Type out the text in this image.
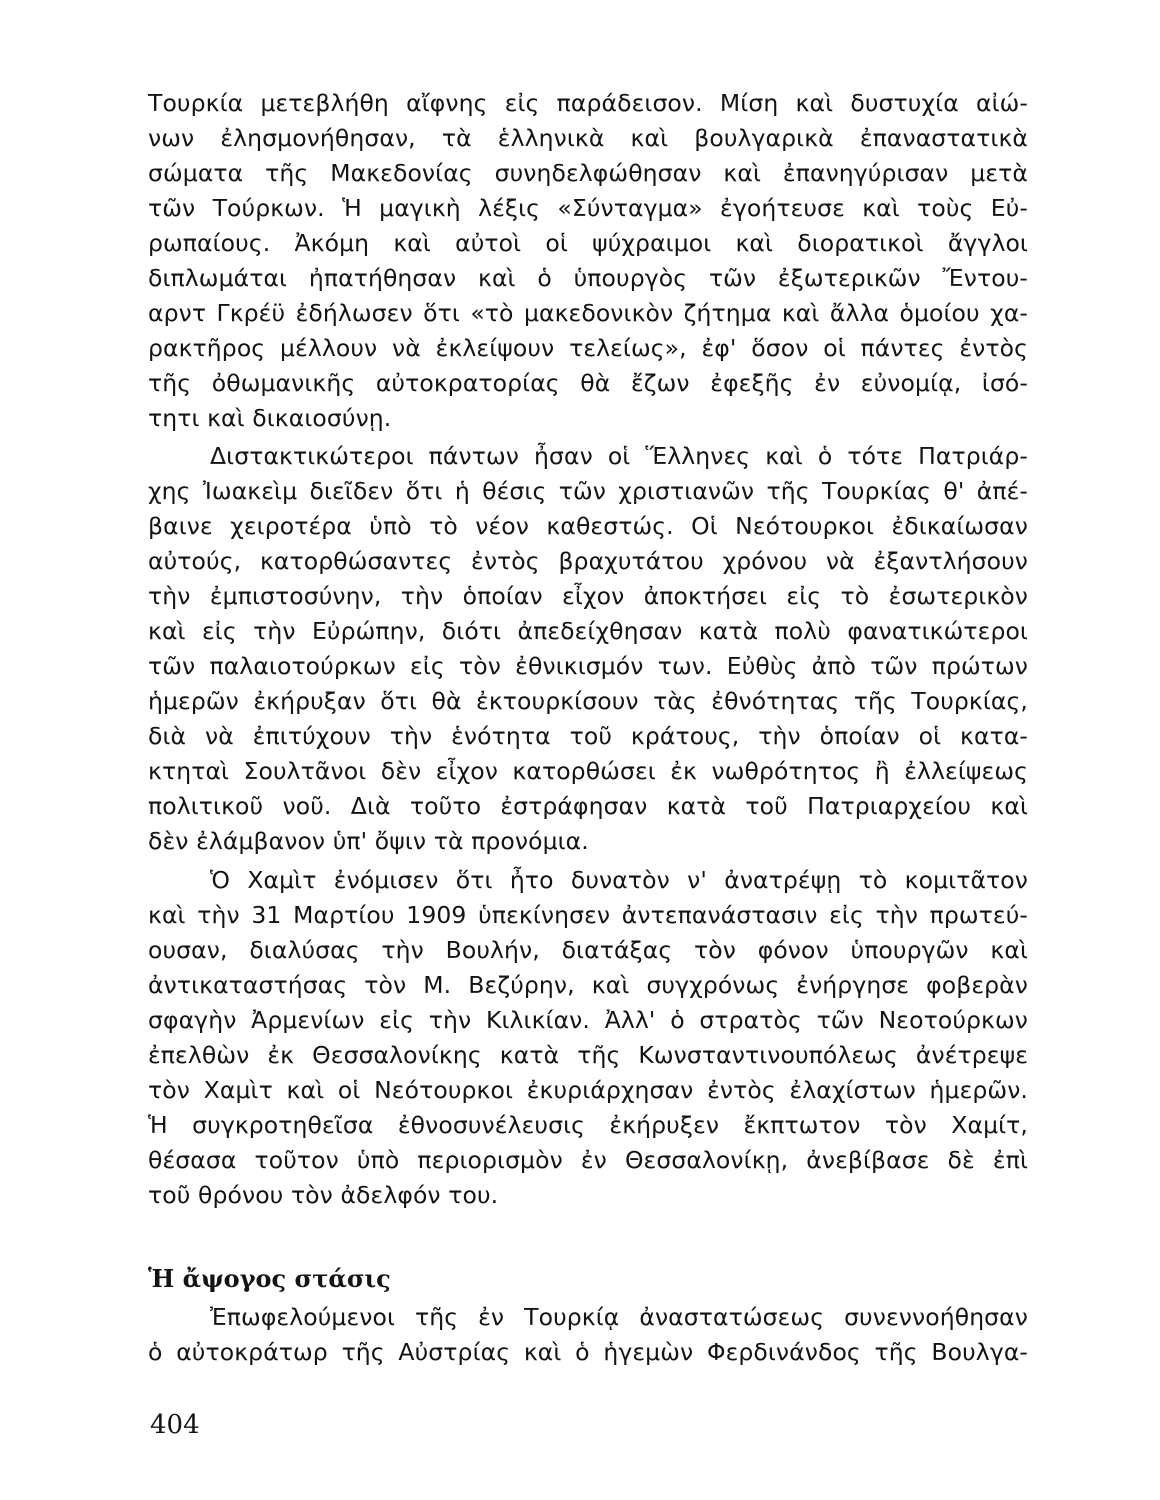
Τουρκία μετεβλήθη αἴφνης εἰς παράδεισον. Μίση καὶ δυστυχία αἰώ-
νων ἐλησμονήθησαν, τὰ ἑλληνικὰ καὶ βουλγαρικὰ ἐπαναστατικὰ
σώματα τῆς Μακεδονίας συνηδελφώθησαν καὶ ἐπανηγύρισαν μετὰ
τῶν Τούρκων. Ἡ μαγικὴ λέξις «Σύνταγμα» ἐγοήτευσε καὶ τοὺς Εὐ-
ρωπαίους. Ἀκόμη καὶ αὐτοὶ οἱ ψύχραιμοι καὶ διορατικοὶ ἄγγλοι
διπλωμάται ἠπατήθησαν καὶ ὁ ὑπουργὸς τῶν ἐξωτερικῶν Ἔντου-
αρντ Γκρέϋ ἐδήλωσεν ὅτι «τὸ μακεδονικὸν ζήτημα καὶ ἄλλα ὁμοίου χα-
ρακτῆρος μέλλουν νὰ ἐκλείψουν τελείως», ἐφ' ὅσον οἱ πάντες ἐντὸς
τῆς ὀθωμανικῆς αὐτοκρατορίας θὰ ἔζων ἐφεξῆς ἐν εὐνομίᾳ, ἰσό-
τητι καὶ δικαιοσύνῃ.
Διστακτικώτεροι πάντων ἦσαν οἱ Ἕλληνες καὶ ὁ τότε Πατριάρ-
χης Ἰωακεὶμ διεῖδεν ὅτι ἡ θέσις τῶν χριστιανῶν τῆς Τουρκίας θ' ἀπέ-
βαινε χειροτέρα ὑπὸ τὸ νέον καθεστώς. Οἱ Νεότουρκοι ἐδικαίωσαν
αὐτούς, κατορθώσαντες ἐντὸς βραχυτάτου χρόνου νὰ ἐξαντλήσουν
τὴν ἐμπιστοσύνην, τὴν ὁποίαν εἶχον ἀποκτήσει εἰς τὸ ἐσωτερικὸν
καὶ εἰς τὴν Εὐρώπην, διότι ἀπεδείχθησαν κατὰ πολὺ φανατικώτεροι
τῶν παλαιοτούρκων εἰς τὸν ἐθνικισμόν των. Εὐθὺς ἀπὸ τῶν πρώτων
ἡμερῶν ἐκήρυξαν ὅτι θὰ ἐκτουρκίσουν τὰς ἐθνότητας τῆς Τουρκίας,
διὰ νὰ ἐπιτύχουν τὴν ἑνότητα τοῦ κράτους, τὴν ὁποίαν οἱ κατα-
κτηταὶ Σουλτᾶνοι δὲν εἶχον κατορθώσει ἐκ νωθρότητος ἢ ἐλλείψεως
πολιτικοῦ νοῦ. Διὰ τοῦτο ἐστράφησαν κατὰ τοῦ Πατριαρχείου καὶ
δὲν ἐλάμβανον ὑπ' ὄψιν τὰ προνόμια.
Ὁ Χαμὶτ ἐνόμισεν ὅτι ἦτο δυνατὸν ν' ἀνατρέψῃ τὸ κομιτᾶτον
καὶ τὴν 31 Μαρτίου 1909 ὑπεκίνησεν ἀντεπανάστασιν εἰς τὴν πρωτεύ-
ουσαν, διαλύσας τὴν Βουλήν, διατάξας τὸν φόνον ὑπουργῶν καὶ
ἀντικαταστήσας τὸν Μ. Βεζύρην, καὶ συγχρόνως ἐνήργησε φοβερὰν
σφαγὴν Ἀρμενίων εἰς τὴν Κιλικίαν. Ἀλλ' ὁ στρατὸς τῶν Νεοτούρκων
ἐπελθὼν ἐκ Θεσσαλονίκης κατὰ τῆς Κωνσταντινουπόλεως ἀνέτρεψε
τὸν Χαμὶτ καὶ οἱ Νεότουρκοι ἐκυριάρχησαν ἐντὸς ἐλαχίστων ἡμερῶν.
Ἡ συγκροτηθεῖσα ἐθνοσυνέλευσις ἐκήρυξεν ἔκπτωτον τὸν Χαμίτ,
θέσασα τοῦτον ὑπὸ περιορισμὸν ἐν Θεσσαλονίκῃ, ἀνεβίβασε δὲ ἐπὶ
τοῦ θρόνου τὸν ἀδελφόν του.
Ἡ ἄψογος στάσις
Ἐπωφελούμενοι τῆς ἐν Τουρκίᾳ ἀναστατώσεως συνεννοήθησαν
ὁ αὐτοκράτωρ τῆς Αὐστρίας καὶ ὁ ἡγεμὼν Φερδινάνδος τῆς Βουλγα-
404
